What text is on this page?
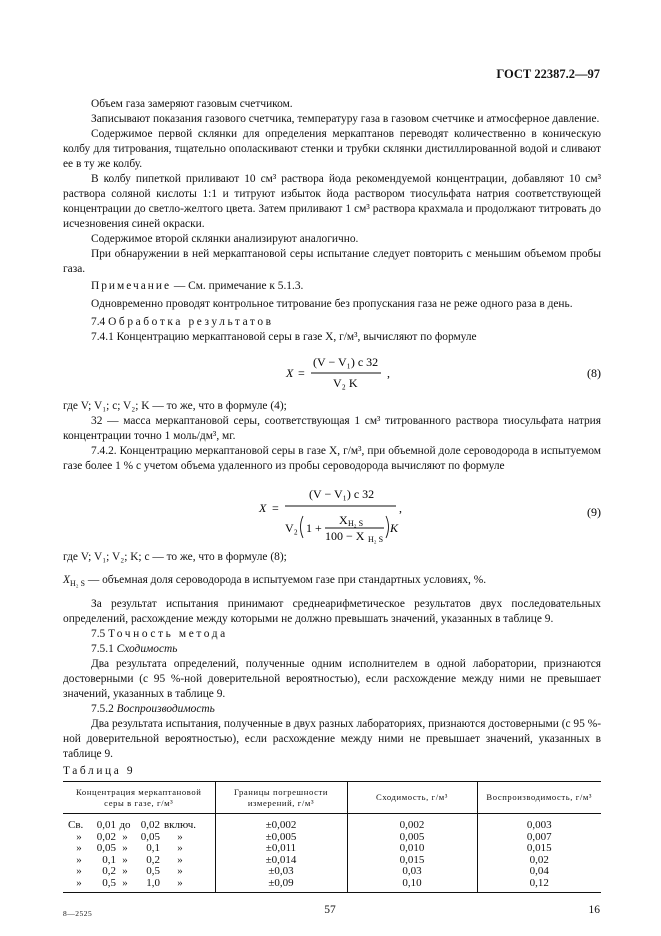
ГОСТ 22387.2—97

Объем газа замеряют газовым счетчиком.

Записывают показания газового счетчика, температуру газа в газовом счетчике и атмосферное давление.

Содержимое первой склянки для определения меркаптанов переводят количественно в коническую колбу для титрования, тщательно ополаскивают стенки и трубки склянки дистиллированной водой и сливают ее в ту же колбу.

В колбу пипеткой приливают 10 см³ раствора йода рекомендуемой концентрации, добавляют 10 см³ раствора соляной кислоты 1:1 и титруют избыток йода раствором тиосульфата натрия соответствующей концентрации до светло-желтого цвета. Затем приливают 1 см³ раствора крахмала и продолжают титровать до исчезновения синей окраски.

Содержимое второй склянки анализируют аналогично.

При обнаружении в ней меркаптановой серы испытание следует повторить с меньшим объемом пробы газа.

Примечание — См. примечание к 5.1.3.

Одновременно проводят контрольное титрование без пропускания газа не реже одного раза в день.

7.4 Обработка результатов

7.4.1 Концентрацию меркаптановой серы в газе X, г/м³, вычисляют по формуле

X =
(V − V₁) c 32
V₂ K
,	(8)

где V; V₁; c; V₂; K — то же, что в формуле (4);

32 — масса меркаптановой серы, соответствующая 1 см³ титрованного раствора тиосульфата натрия концентрации точно 1 моль/дм³, мг.

7.4.2. Концентрацию меркаптановой серы в газе X, г/м³, при объемной доле сероводорода в испытуемом газе более 1 % с учетом объема удаленного из пробы сероводорода вычисляют по формуле

X =
(V − V₁) c 32
V₂ 1 +
X H₂ S
100 − X H₂ S
K
,	(9)

где V; V₁; V₂; K; c — то же, что в формуле (8);

$X_{H_2 S}$ — объемная доля сероводорода в испытуемом газе при стандартных условиях, %.

За результат испытания принимают среднеарифметическое результатов двух последовательных определений, расхождение между которыми не должно превышать значений, указанных в таблице 9.

7.5 Точность метода

7.5.1 Сходимость

Два результата определений, полученные одним исполнителем в одной лаборатории, признаются достоверными (с 95 %-ной доверительной вероятностью), если расхождение между ними не превышает значений, указанных в таблице 9.

7.5.2 Воспроизводимость

Два результата испытания, полученные в двух разных лабораториях, признаются достоверными (с 95 %-ной доверительной вероятностью), если расхождение между ними не превышает значений, указанных в таблице 9.

Таблица 9

Концентрация меркаптановой серы в газе, г/м³	Границы погрешности измерений, г/м³	Сходимость, г/м³	Воспроизводимость, г/м³
Св. 0,01 до 0,02 включ.	±0,002	0,002	0,003
» 0,02 » 0,05 »	±0,005	0,005	0,007
» 0,05 » 0,1 »	±0,011	0,010	0,015
» 0,1 » 0,2 »	±0,014	0,015	0,02
» 0,2 » 0,5 »	±0,03	0,03	0,04
» 0,5 » 1,0 »	±0,09	0,10	0,12
8—2525	57	16
